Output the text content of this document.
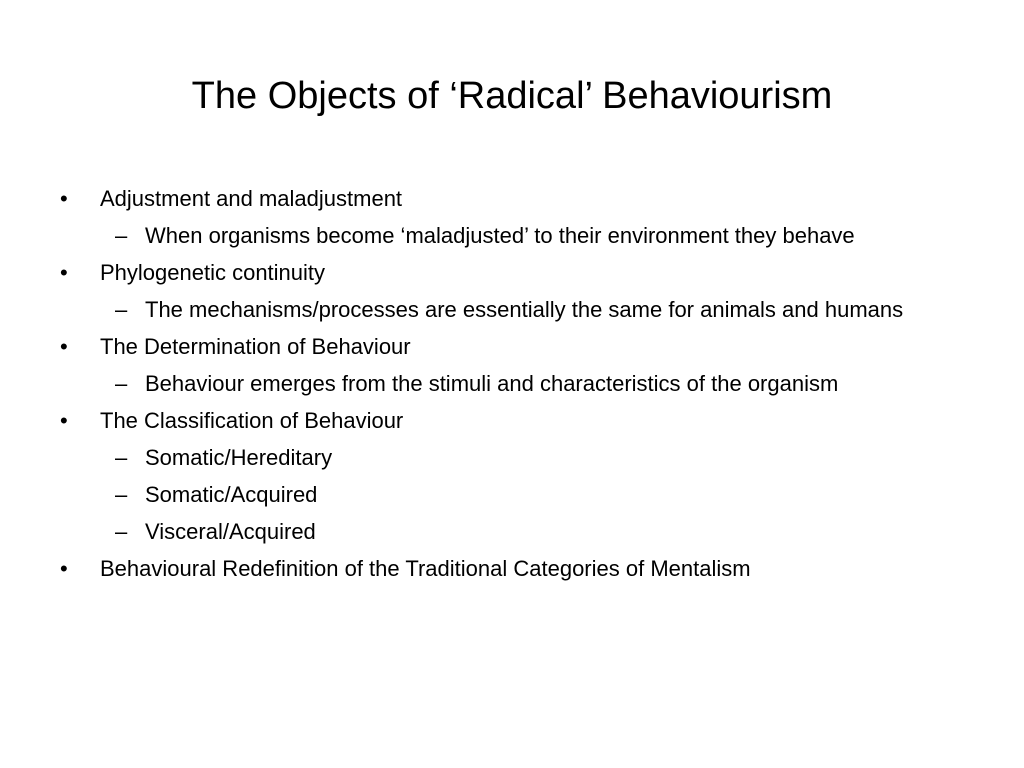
The Objects of ‘Radical’ Behaviourism
• Adjustment and maladjustment
– When organisms become ‘maladjusted’ to their environment they behave
• Phylogenetic continuity
– The mechanisms/processes are essentially the same for animals and humans
• The Determination of Behaviour
– Behaviour emerges from the stimuli and characteristics of the organism
• The Classification of Behaviour
– Somatic/Hereditary
– Somatic/Acquired
– Visceral/Acquired
• Behavioural Redefinition of the Traditional Categories of Mentalism
